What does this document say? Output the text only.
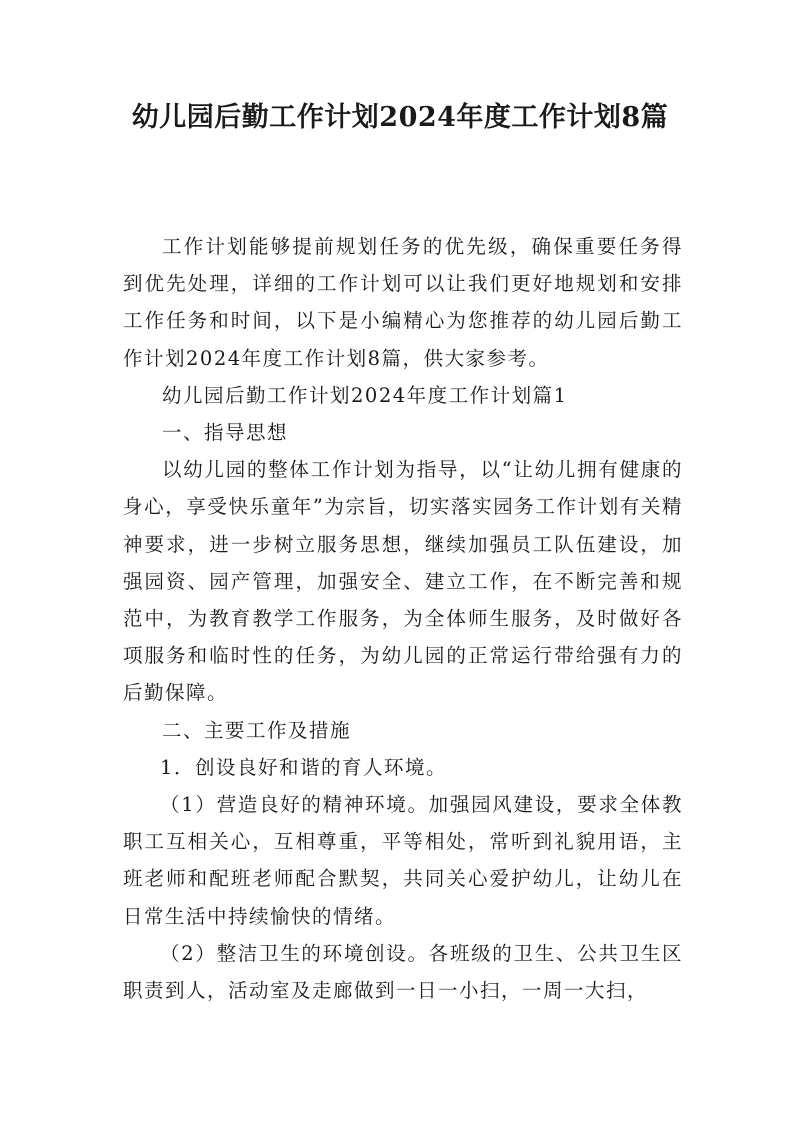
幼儿园后勤工作计划2024年度工作计划8篇

工作计划能够提前规划任务的优先级，确保重要任务得到优先处理，详细的工作计划可以让我们更好地规划和安排工作任务和时间，以下是小编精心为您推荐的幼儿园后勤工作计划2024年度工作计划8篇，供大家参考。

幼儿园后勤工作计划2024年度工作计划篇1

一、指导思想

以幼儿园的整体工作计划为指导，以“让幼儿拥有健康的身心，享受快乐童年”为宗旨，切实落实园务工作计划有关精神要求，进一步树立服务思想，继续加强员工队伍建设，加强园资、园产管理，加强安全、建立工作，在不断完善和规范中，为教育教学工作服务，为全体师生服务，及时做好各项服务和临时性的任务，为幼儿园的正常运行带给强有力的后勤保障。

二、主要工作及措施

1．创设良好和谐的育人环境。

（1）营造良好的精神环境。加强园风建设，要求全体教职工互相关心，互相尊重，平等相处，常听到礼貌用语，主班老师和配班老师配合默契，共同关心爱护幼儿，让幼儿在日常生活中持续愉快的情绪。

（2）整洁卫生的环境创设。各班级的卫生、公共卫生区职责到人，活动室及走廊做到一日一小扫，一周一大扫，
